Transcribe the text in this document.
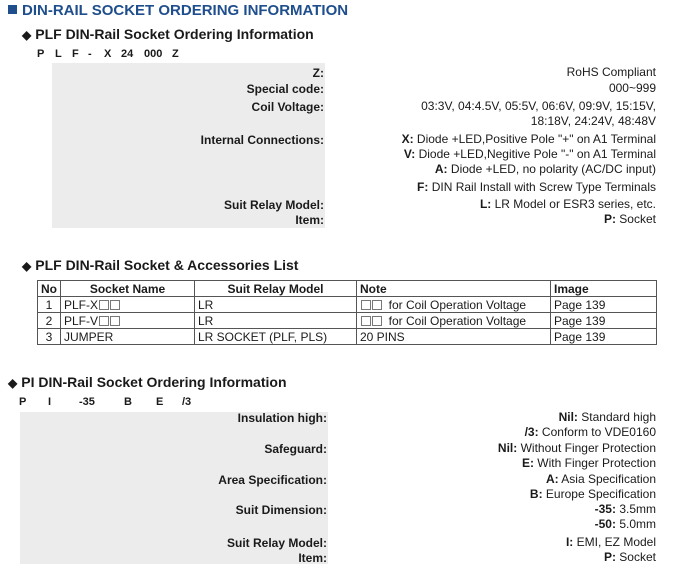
DIN-RAIL SOCKET ORDERING INFORMATION
◆ PLF DIN-Rail Socket Ordering Information
P L F - X 24 000 Z
Z:	RoHS Compliant
Special code:	000~999
Coil Voltage:	03:3V, 04:4.5V, 05:5V, 06:6V, 09:9V, 15:15V,
18:18V, 24:24V, 48:48V
Internal Connections:	X: Diode +LED,Positive Pole "+" on A1 Terminal
V: Diode +LED,Negitive Pole "-" on A1 Terminal
A: Diode +LED, no polarity (AC/DC input)
F: DIN Rail Install with Screw Type Terminals
Suit Relay Model:	L: LR Model or ESR3 series, etc.
Item:	P: Socket
◆ PLF DIN-Rail Socket & Accessories List
No	Socket Name	Suit Relay Model	Note	Image
1	PLF-X	LR	for Coil Operation Voltage	Page 139
2	PLF-V	LR	for Coil Operation Voltage	Page 139
3	JUMPER	LR SOCKET (PLF, PLS)	20 PINS	Page 139
◆ PI DIN-Rail Socket Ordering Information
P I	-35	B E /3
Insulation high:	Nil: Standard high
/3: Conform to VDE0160
Safeguard:	Nil: Without Finger Protection
E: With Finger Protection
Area Specification:	A: Asia Specification
B: Europe Specification
Suit Dimension:	-35: 3.5mm
-50: 5.0mm
Suit Relay Model:	I: EMI, EZ Model
Item:	P: Socket
